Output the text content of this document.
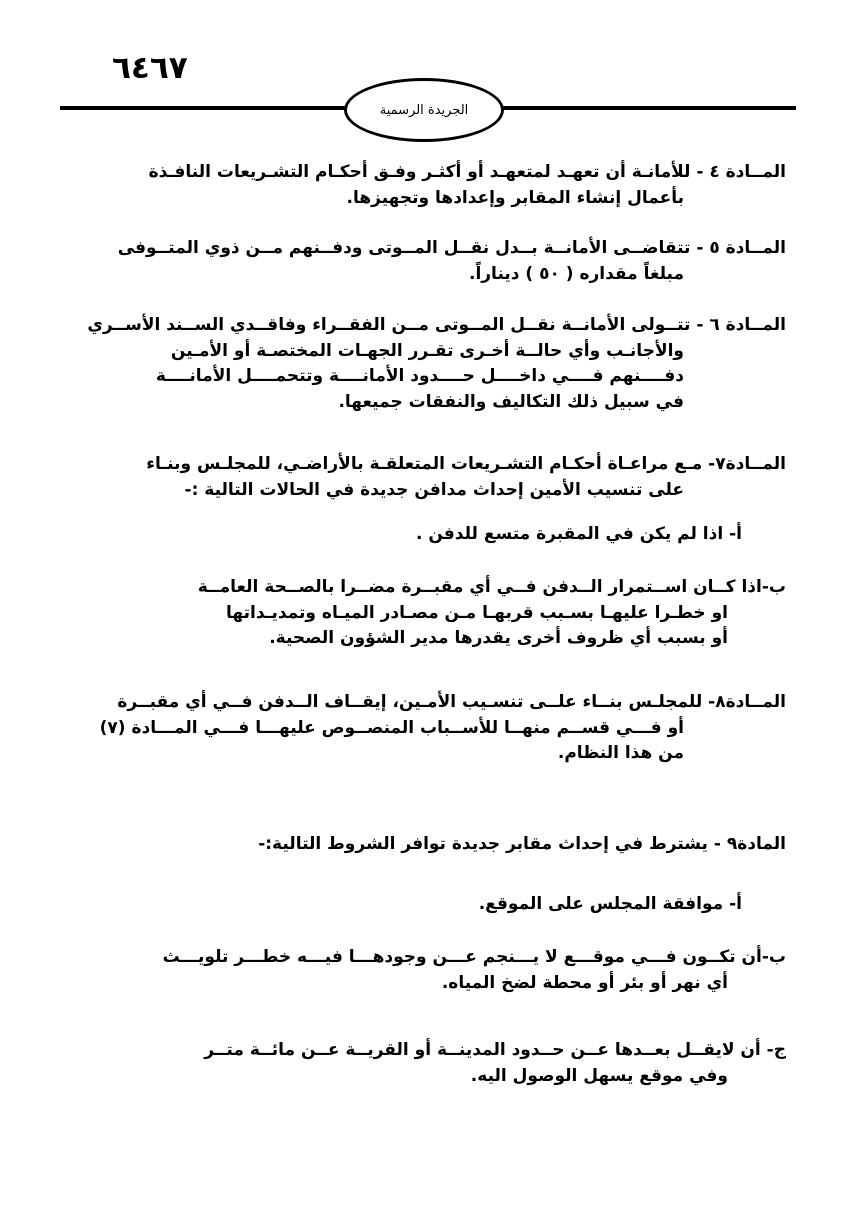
٦٤٦٧
الجريدة الرسمية
المــادة ٤ - للأمانـة أن تعهـد لمتعهـد أو أكثـر وفـق أحكـام التشـريعات النافـذة
بأعمال إنشاء المقابر وإعدادها وتجهيزها.
المــادة ٥ - تتقاضــى الأمانــة بــدل نقــل المــوتى ودفــنهم مــن ذوي المتــوفى
مبلغاً مقداره ( ٥٠ ) ديناراً.
المــادة ٦ - تتــولى الأمانــة نقــل المــوتى مــن الفقــراء وفاقــدي الســند الأســري
والأجانـب وأي حالــة أخـرى تقـرر الجهـات المختصـة أو الأمـين
دفــــنهم فــــي داخــــل حــــدود الأمانــــة وتتحمــــل الأمانــــة
في سبيل ذلك التكاليف والنفقات جميعها.
المــادة٧- مـع مراعـاة أحكـام التشـريعات المتعلقـة بالأراضـي، للمجلـس وبنـاء
على تنسيب الأمين إحداث مدافن جديدة في الحالات التالية :-
أ- اذا لم يكن في المقبرة متسع للدفن .
ب-اذا كــان اســتمرار الــدفن فــي أي مقبــرة مضــرا بالصــحة العامــة
او خطـرا عليهـا بسـبب قربهـا مـن مصـادر الميـاه وتمديـداتها
أو بسبب أي ظروف أخرى يقدرها مدير الشؤون الصحية.
المــادة٨- للمجلـس بنــاء علــى تنسـيب الأمـين، إيقــاف الــدفن فــي أي مقبــرة
أو فـــي قســم منهــا للأســباب المنصــوص عليهـــا فـــي المـــادة (٧)
من هذا النظام.
المادة٩ - يشترط في إحداث مقابر جديدة توافر الشروط التالية:-
أ- موافقة المجلس على الموقع.
ب-أن تكــون فـــي موقـــع لا يـــنجم عـــن وجودهـــا فيـــه خطـــر تلويـــث
أي نهر أو بئر أو محطة لضخ المياه.
ج- أن لايقــل بعــدها عــن حــدود المدينــة أو القريــة عــن مائــة متــر
وفي موقع يسهل الوصول اليه.
